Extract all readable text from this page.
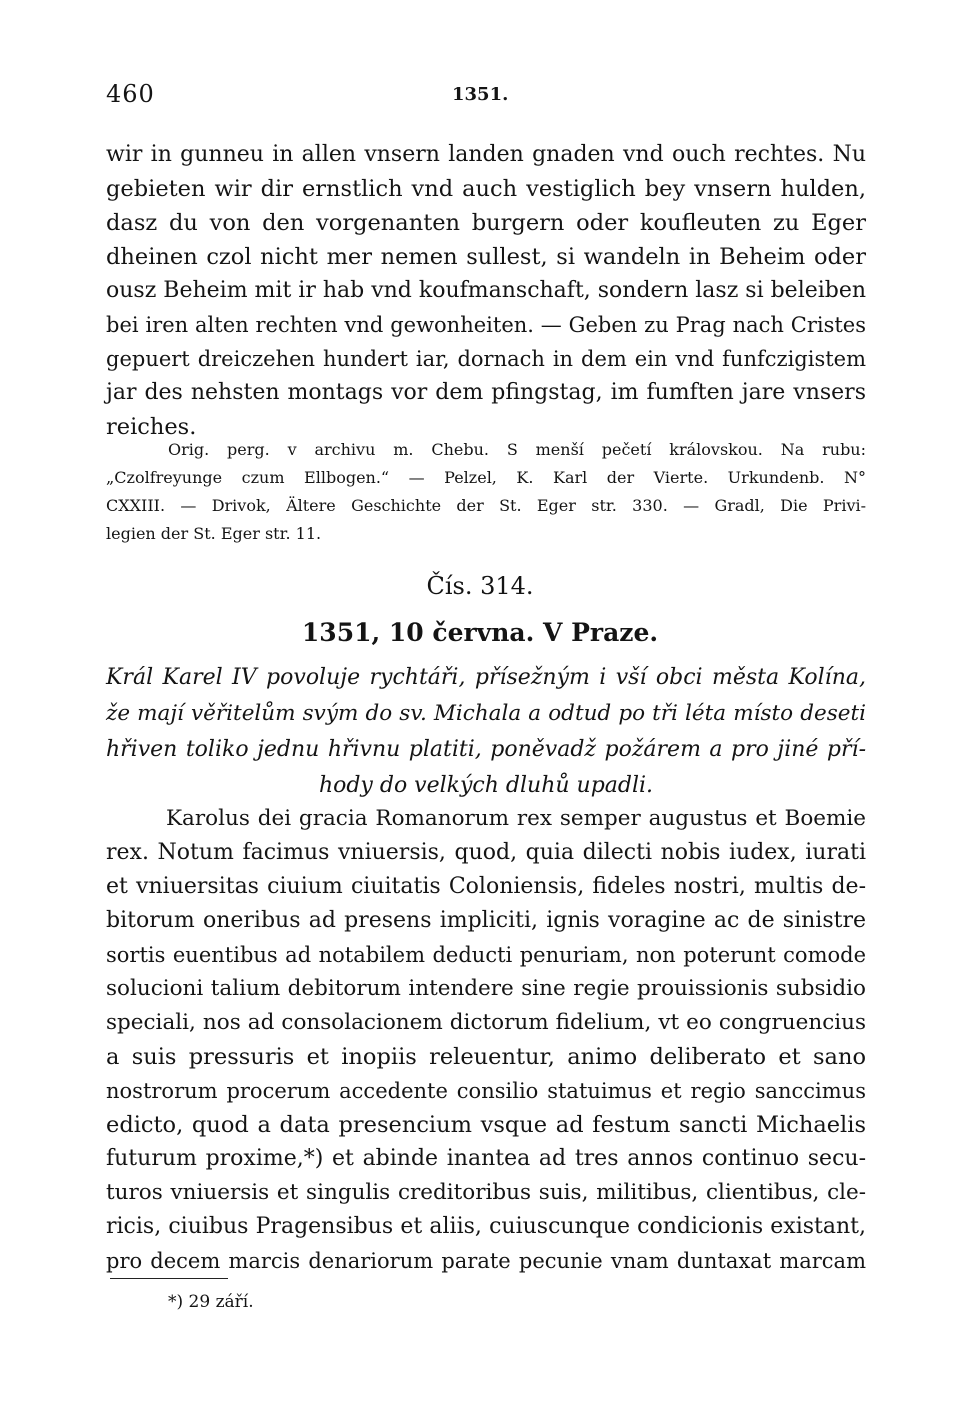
460	1351.
wir in gunneu in allen vnsern landen gnaden vnd ouch rechtes. Nu
gebieten wir dir ernstlich vnd auch vestiglich bey vnsern hulden,
dasz du von den vorgenanten burgern oder koufleuten zu Eger
dheinen czol nicht mer nemen sullest, si wandeln in Beheim oder
ousz Beheim mit ir hab vnd koufmanschaft, sondern lasz si beleiben
bei iren alten rechten vnd gewonheiten. — Geben zu Prag nach Cristes
gepuert dreiczehen hundert iar, dornach in dem ein vnd funfczigistem
jar des nehsten montags vor dem pfingstag, im fumften jare vnsers
reiches.
Orig. perg. v archivu m. Chebu. S menší pečetí královskou. Na rubu:
„Czolfreyunge czum Ellbogen.“ — Pelzel, K. Karl der Vierte. Urkundenb. N°
CXXIII. — Drivok, Ältere Geschichte der St. Eger str. 330. — Gradl, Die Privi-
legien der St. Eger str. 11.
Čís. 314.
1351, 10 června. V Praze.
Král Karel IV povoluje rychtáři, přísežným i vší obci města Kolína,
že mají věřitelům svým do sv. Michala a odtud po tři léta místo deseti
hřiven toliko jednu hřivnu platiti, poněvadž požárem a pro jiné pří-
hody do velkých dluhů upadli.
Karolus dei gracia Romanorum rex semper augustus et Boemie
rex. Notum facimus vniuersis, quod, quia dilecti nobis iudex, iurati
et vniuersitas ciuium ciuitatis Coloniensis, fideles nostri, multis de-
bitorum oneribus ad presens impliciti, ignis voragine ac de sinistre
sortis euentibus ad notabilem deducti penuriam, non poterunt comode
solucioni talium debitorum intendere sine regie prouissionis subsidio
speciali, nos ad consolacionem dictorum fidelium, vt eo congruencius
a suis pressuris et inopiis releuentur, animo deliberato et sano
nostrorum procerum accedente consilio statuimus et regio sanccimus
edicto, quod a data presencium vsque ad festum sancti Michaelis
futurum proxime,*) et abinde inantea ad tres annos continuo secu-
turos vniuersis et singulis creditoribus suis, militibus, clientibus, cle-
ricis, ciuibus Pragensibus et aliis, cuiuscunque condicionis existant,
pro decem marcis denariorum parate pecunie vnam duntaxat marcam
*) 29 září.
